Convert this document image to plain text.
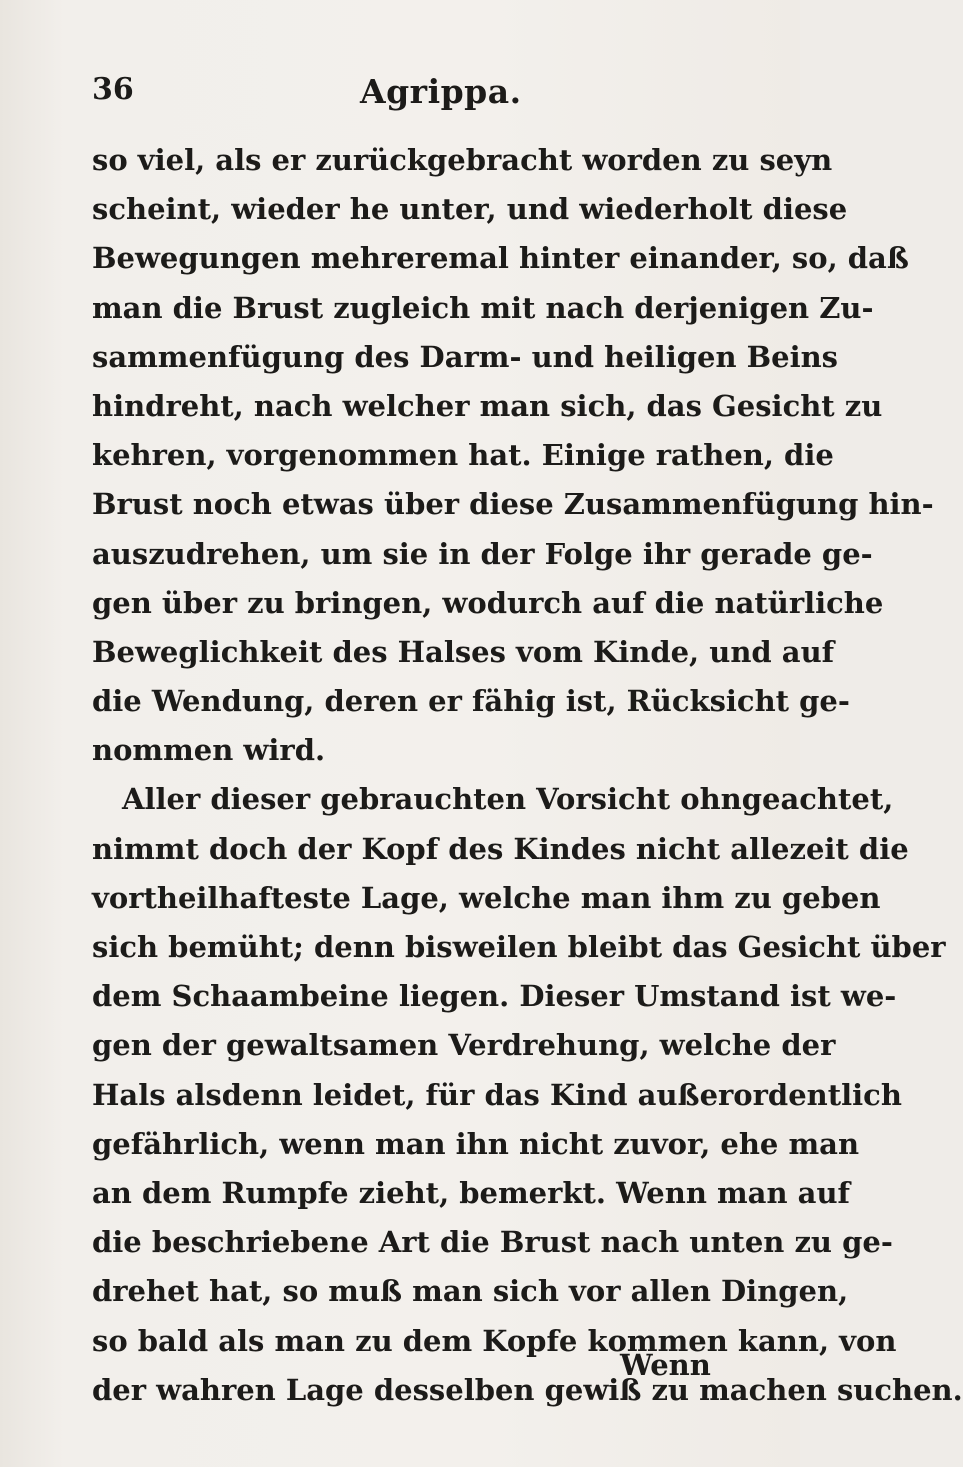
36	Agrippa.
so viel, als er zurückgebracht worden zu seyn
scheint, wieder he unter, und wiederholt diese
Bewegungen mehreremal hinter einander, so, daß
man die Brust zugleich mit nach derjenigen Zu-
sammenfügung des Darm- und heiligen Beins
hindreht, nach welcher man sich, das Gesicht zu
kehren, vorgenommen hat. Einige rathen, die
Brust noch etwas über diese Zusammenfügung hin-
auszudrehen, um sie in der Folge ihr gerade ge-
gen über zu bringen, wodurch auf die natürliche
Beweglichkeit des Halses vom Kinde, und auf
die Wendung, deren er fähig ist, Rücksicht ge-
nommen wird.
Aller dieser gebrauchten Vorsicht ohngeachtet,
nimmt doch der Kopf des Kindes nicht allezeit die
vortheilhafteste Lage, welche man ihm zu geben
sich bemüht; denn bisweilen bleibt das Gesicht über
dem Schaambeine liegen. Dieser Umstand ist we-
gen der gewaltsamen Verdrehung, welche der
Hals alsdenn leidet, für das Kind außerordentlich
gefährlich, wenn man ihn nicht zuvor, ehe man
an dem Rumpfe zieht, bemerkt. Wenn man auf
die beschriebene Art die Brust nach unten zu ge-
drehet hat, so muß man sich vor allen Dingen,
so bald als man zu dem Kopfe kommen kann, von
der wahren Lage desselben gewiß zu machen suchen.
Wenn
